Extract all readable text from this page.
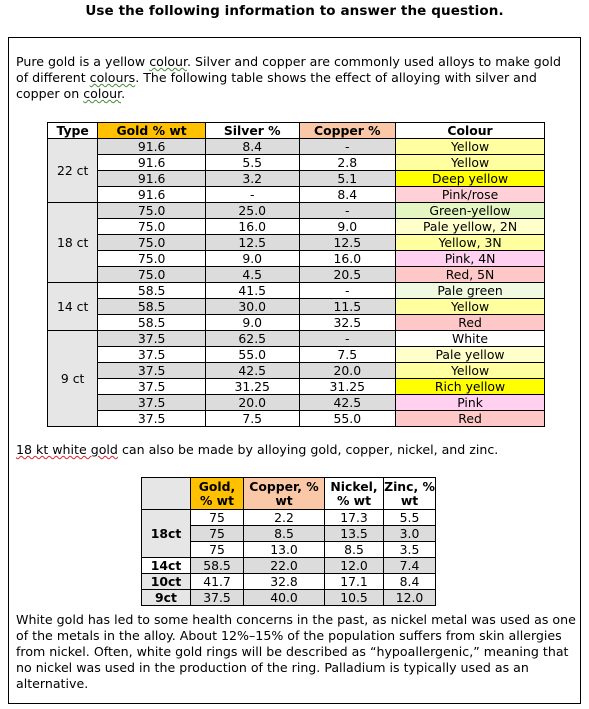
Use the following information to answer the question.

Pure gold is a yellow colour. Silver and copper are commonly used alloys to make gold of different colours. The following table shows the effect of alloying with silver and copper on colour.

Type	Gold % wt	Silver %	Copper %	Colour
22 ct	91.6	8.4	-	Yellow
	91.6	5.5	2.8	Yellow
	91.6	3.2	5.1	Deep yellow
	91.6	-	8.4	Pink/rose
18 ct	75.0	25.0	-	Green-yellow
	75.0	16.0	9.0	Pale yellow, 2N
	75.0	12.5	12.5	Yellow, 3N
	75.0	9.0	16.0	Pink, 4N
	75.0	4.5	20.5	Red, 5N
14 ct	58.5	41.5	-	Pale green
	58.5	30.0	11.5	Yellow
	58.5	9.0	32.5	Red
9 ct	37.5	62.5	-	White
	37.5	55.0	7.5	Pale yellow
	37.5	42.5	20.0	Yellow
	37.5	31.25	31.25	Rich yellow
	37.5	20.0	42.5	Pink
	37.5	7.5	55.0	Red

18 kt white gold can also be made by alloying gold, copper, nickel, and zinc.

	Gold, % wt	Copper, % wt	Nickel, % wt	Zinc, % wt
18ct	75	2.2	17.3	5.5
	75	8.5	13.5	3.0
	75	13.0	8.5	3.5
14ct	58.5	22.0	12.0	7.4
10ct	41.7	32.8	17.1	8.4
9ct	37.5	40.0	10.5	12.0

White gold has led to some health concerns in the past, as nickel metal was used as one of the metals in the alloy. About 12%–15% of the population suffers from skin allergies from nickel. Often, white gold rings will be described as “hypoallergenic,” meaning that no nickel was used in the production of the ring. Palladium is typically used as an alternative.
